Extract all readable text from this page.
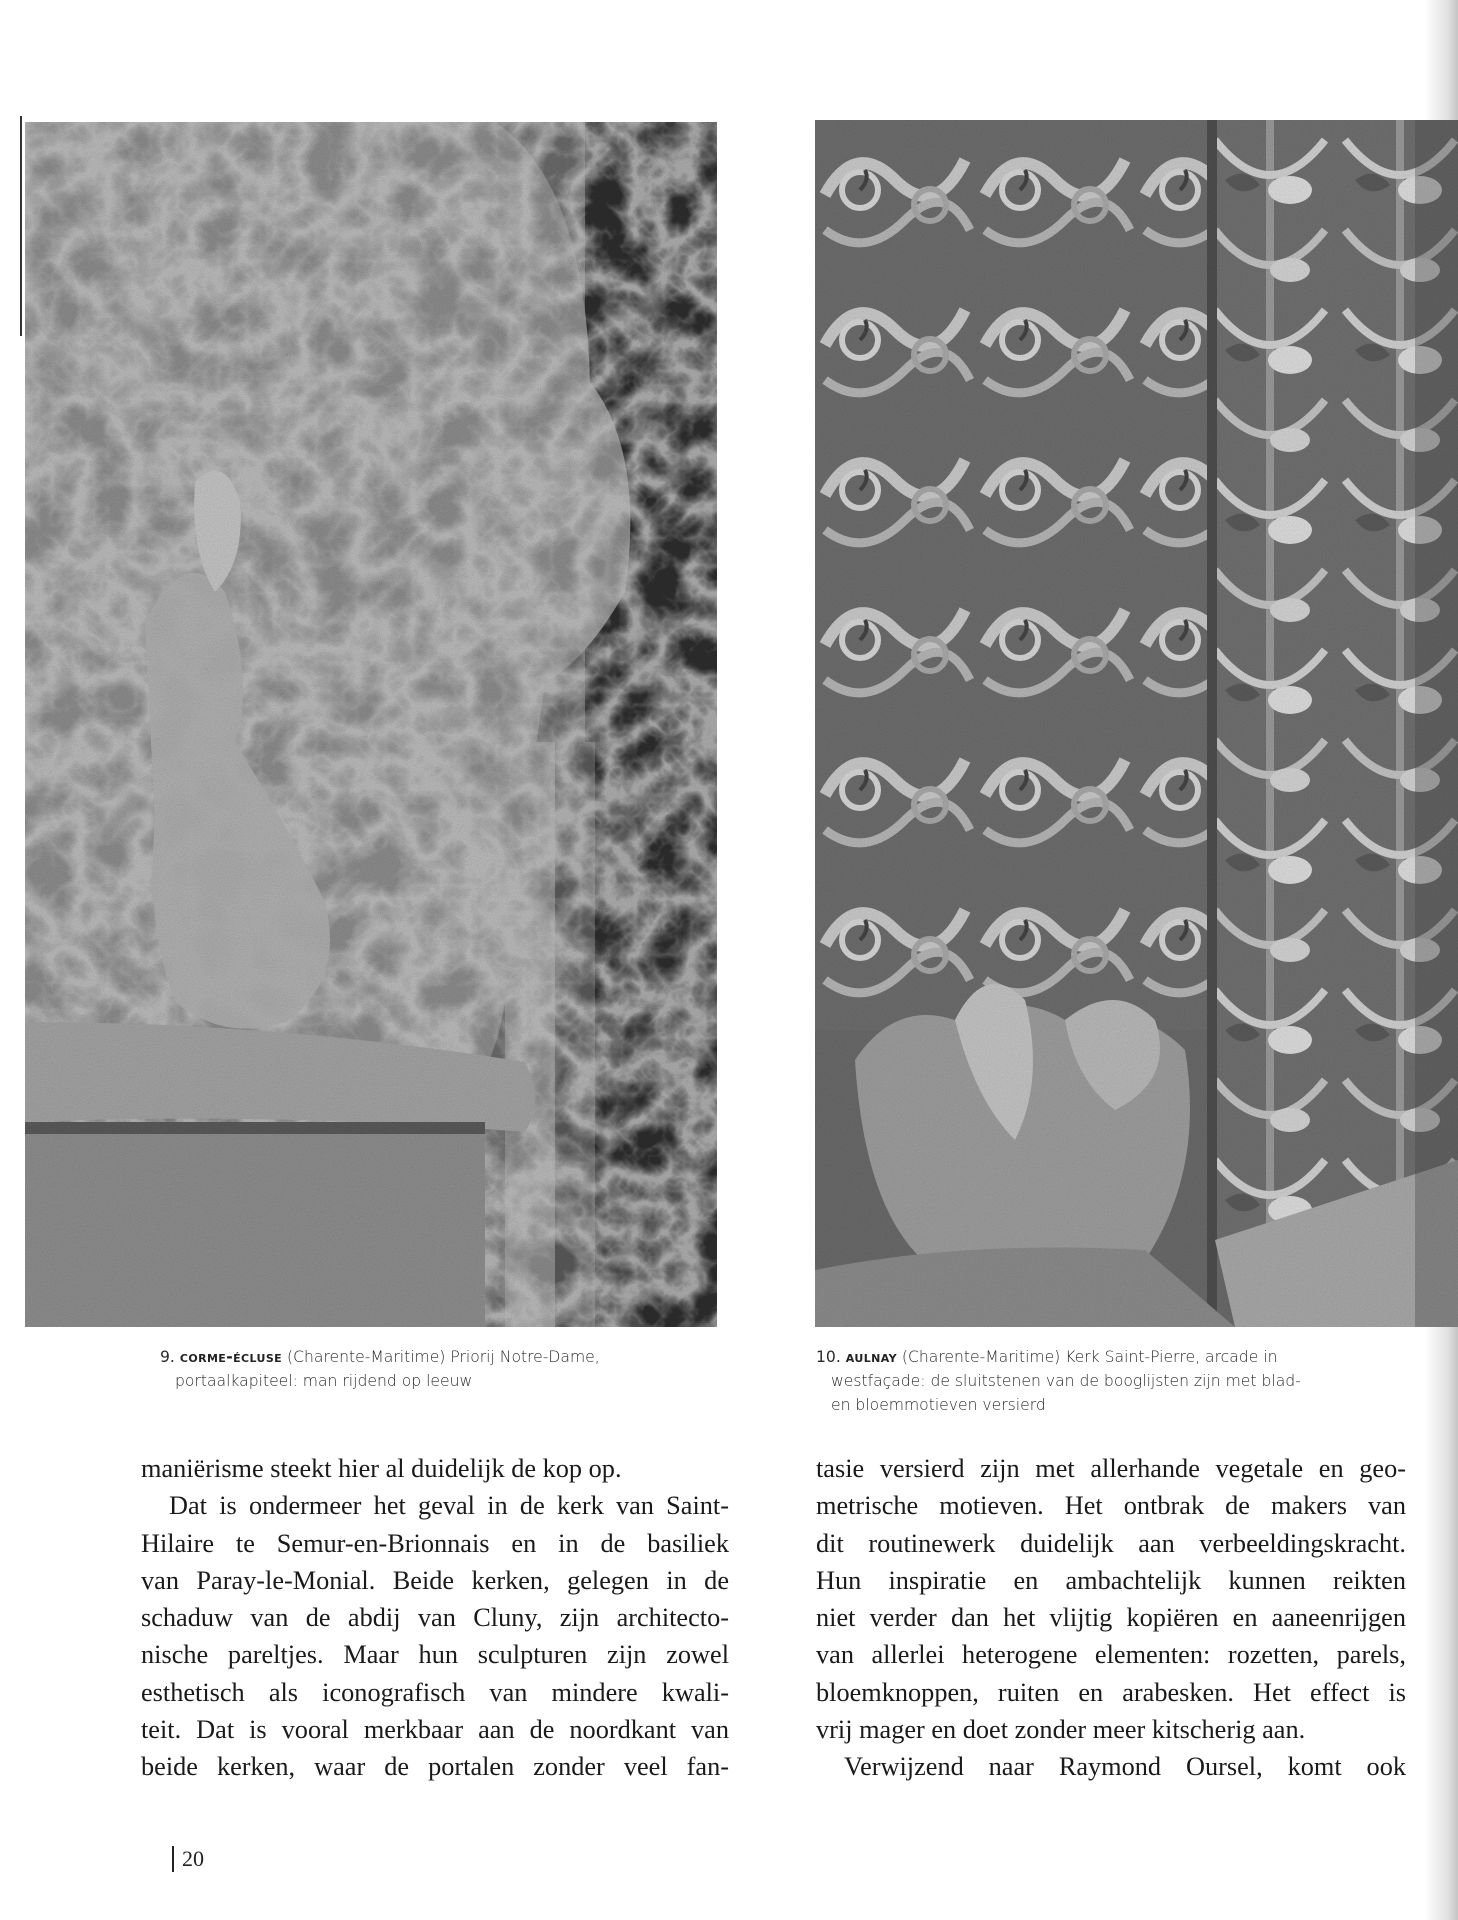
9. corme-écluse (Charente-Maritime) Priorij Notre-Dame,
portaalkapiteel: man rijdend op leeuw
10. aulnay (Charente-Maritime) Kerk Saint-Pierre, arcade in
westfaçade: de sluitstenen van de booglijsten zijn met blad-
en bloemmotieven versierd
maniërisme steekt hier al duidelijk de kop op.
Dat is ondermeer het geval in de kerk van Saint-
Hilaire te Semur-en-Brionnais en in de basiliek
van Paray-le-Monial. Beide kerken, gelegen in de
schaduw van de abdij van Cluny, zijn architecto-
nische pareltjes. Maar hun sculpturen zijn zowel
esthetisch als iconografisch van mindere kwali-
teit. Dat is vooral merkbaar aan de noordkant van
beide kerken, waar de portalen zonder veel fan-
tasie versierd zijn met allerhande vegetale en geo-
metrische motieven. Het ontbrak de makers van
dit routinewerk duidelijk aan verbeeldingskracht.
Hun inspiratie en ambachtelijk kunnen reikten
niet verder dan het vlijtig kopiëren en aaneenrijgen
van allerlei heterogene elementen: rozetten, parels,
bloemknoppen, ruiten en arabesken. Het effect is
vrij mager en doet zonder meer kitscherig aan.
Verwijzend naar Raymond Oursel, komt ook
20
